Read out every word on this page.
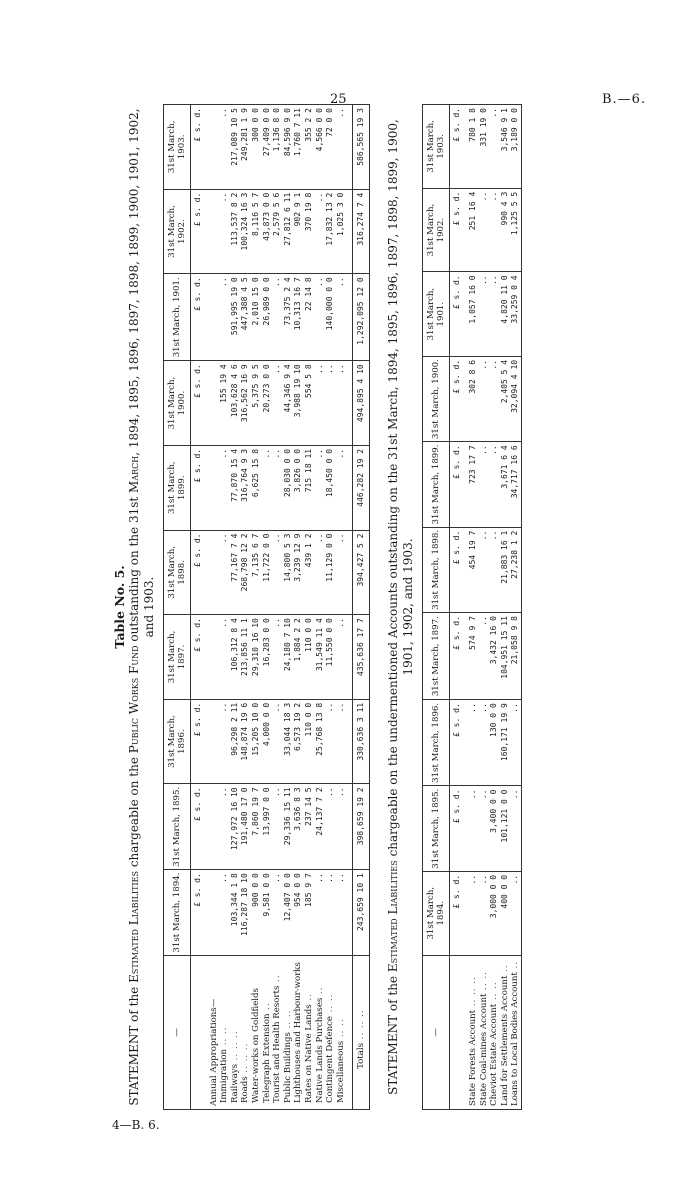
25	B.—6.
4—B. 6.
Table No. 5.
STATEMENT of the Estimated Liabilities chargeable on the Public Works Fund outstanding on the 31st March, 1894, 1895, 1896, 1897, 1898, 1899, 1900, 1901, 1902, and 1903.
—	31st March, 1894.	31st March, 1895.	31st March, 1896.	31st March, 1897.	31st March, 1898.	31st March, 1899.	31st March, 1900.	31st March, 1901.	31st March, 1902.	31st March, 1903.
	£ s. d.	£ s. d.	£ s. d.	£ s. d.	£ s. d.	£ s. d.	£ s. d.	£ s. d.	£ s. d.	£ s. d.
Annual Appropriations—										
Immigration .. ..	..	..	..	..	..	..	155 19 4	..	..	..
Railways .. .. ..	103,344 1 8	127,972 16 10	96,298 2 11	106,312 8 4	77,167 7 4	77,870 15 4	103,628 4 6	591,995 19 0	113,537 8 2	217,089 10 5
Roads .. .. ..	116,287 18 10	191,480 17 0	148,874 19 6	213,856 11 1	268,798 12 2	316,764 9 3	316,562 16 9	447,388 4 5	100,324 16 3	249,281 1 9
Water-works on Goldfields	900 0 0	7,860 19 7	15,205 10 0	29,310 16 10	7,135 6 7	6,625 15 8	5,375 9 5	2,010 15 0	8,116 5 7	300 0 0
Telegraph Extension ..	9,581 0 0	13,997 0 0	4,000 0 0	16,283 0 0	11,722 0 0	..	20,273 0 0	26,989 0 0	43,873 0 0	27,409 0 0
Tourist and Health Resorts ..	..	..	..	..	..	..	..	..	2,579 5 6	1,136 8 0
Public Buildings .. ..	12,407 0 0	29,336 15 11	33,044 18 3	24,180 7 10	14,800 5 3	28,030 0 0	44,346 9 4	73,375 2 4	27,812 6 11	84,596 9 0
Lighthouses and Harbour-works	954 0 0	3,636 8 3	6,573 19 2	1,884 2 2	3,239 12 9	3,826 0 0	3,988 19 10	10,313 16 7	902 9 1	1,760 7 11
Rates on Native Lands ..	185 9 7	237 14 5	110 0 0	110 0 0	439 1 2	715 18 11	554 5 8	22 14 8	370 19 8	355 2 2
Native Lands Purchases ..	..	24,137 7 2	25,768 13 8	31,549 11 4	..	..	..	..	..	4,566 0 0
Contingent Defence .. ..	..	..	..	11,550 0 0	11,129 0 0	18,450 0 0	..	140,000 0 0	17,832 13 2	72 0 0
Miscellaneous .. ..	..	..	..	..	..	..	..	..	1,025 3 0	..

Totals .. .. ..	243,659 10 1	398,659 19 2	330,636 3 11	435,636 17 7	394,427 5 2	446,282 19 2	494,895 4 10	1,292,095 12 0	316,274 7 4	586,565 19 3
STATEMENT of the Estimated Liabilities chargeable on the undermentioned Accounts outstanding on the 31st March, 1894, 1895, 1896, 1897, 1898, 1899, 1900, 1901, 1902, and 1903.
—	31st March, 1894.	31st March, 1895.	31st March, 1896.	31st March, 1897.	31st March, 1898.	31st March, 1899.	31st March, 1900.	31st March, 1901.	31st March, 1902.	31st March, 1903.
	£ s. d.	£ s. d.	£ s. d.	£ s. d.	£ s. d.	£ s. d.	£ s. d.	£ s. d.	£ s. d.	£ s. d.
State Forests Account .. .. ..	..	..	..	574 9 7	454 19 7	723 17 7	302 8 6	1,057 16 0	251 16 4	780 1 8
State Coal-mines Account .. ..	..	..	..	..	..	..	..	..	..	331 19 0
Cheviot Estate Account .. ..	3,000 0 0	3,400 0 0	130 0 0	3,432 16 0	..	..	..	..	..	..
Land for Settlements Account ..	400 0 0	101,121 0 0	160,171 19 9	104,951 15 11	21,883 16 1	3,671 6 4	2,405 5 4	4,820 11 0	990 4 3	3,546 9 1
Loans to Local Bodies Account ..	..	..	..	21,058 9 8	27,238 1 2	34,717 16 6	32,094 4 10	33,259 0 4	1,125 5 5	3,189 0 0
